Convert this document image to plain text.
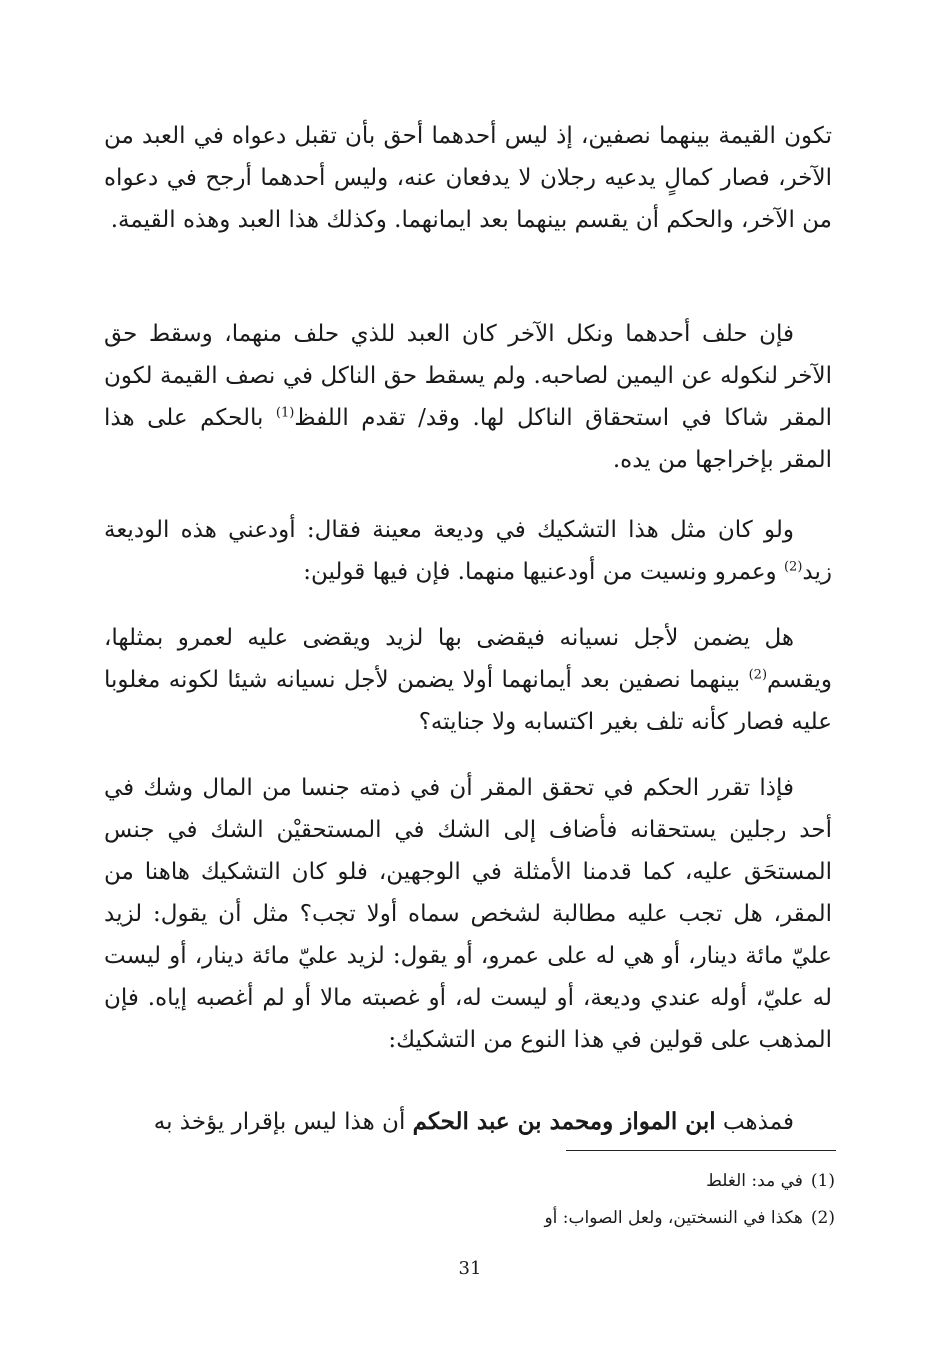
تكون القيمة بينهما نصفين، إذ ليس أحدهما أحق بأن تقبل دعواه في العبد من الآخر، فصار كمالٍ يدعيه رجلان لا يدفعان عنه، وليس أحدهما أرجح في دعواه من الآخر، والحكم أن يقسم بينهما بعد ايمانهما. وكذلك هذا العبد وهذه القيمة.

فإن حلف أحدهما ونكل الآخر كان العبد للذي حلف منهما، وسقط حق الآخر لنكوله عن اليمين لصاحبه. ولم يسقط حق الناكل في نصف القيمة لكون المقر شاكا في استحقاق الناكل لها. وقد/ تقدم اللفظ$^{(1)}$ بالحكم على هذا المقر بإخراجها من يده.

ولو كان مثل هذا التشكيك في وديعة معينة فقال: أودعني هذه الوديعة زيد$^{(2)}$ وعمرو ونسيت من أودعنيها منهما. فإن فيها قولين:

هل يضمن لأجل نسيانه فيقضى بها لزيد ويقضى عليه لعمرو بمثلها، ويقسم$^{(2)}$ بينهما نصفين بعد أيمانهما أولا يضمن لأجل نسيانه شيئا لكونه مغلوبا عليه فصار كأنه تلف بغير اكتسابه ولا جنايته؟

فإذا تقرر الحكم في تحقق المقر أن في ذمته جنسا من المال وشك في أحد رجلين يستحقانه فأضاف إلى الشك في المستحقيْن الشك في جنس المستحَق عليه، كما قدمنا الأمثلة في الوجهين، فلو كان التشكيك هاهنا من المقر، هل تجب عليه مطالبة لشخص سماه أولا تجب؟ مثل أن يقول: لزيد عليّ مائة دينار، أو هي له على عمرو، أو يقول: لزيد عليّ مائة دينار، أو ليست له عليّ، أوله عندي وديعة، أو ليست له، أو غصبته مالا أو لم أغصبه إياه. فإن المذهب على قولين في هذا النوع من التشكيك:

فمذهب ابن المواز ومحمد بن عبد الحكم أن هذا ليس بإقرار يؤخذ به

(1)في مد: الغلط
(2)هكذا في النسختين، ولعل الصواب: أو
31
